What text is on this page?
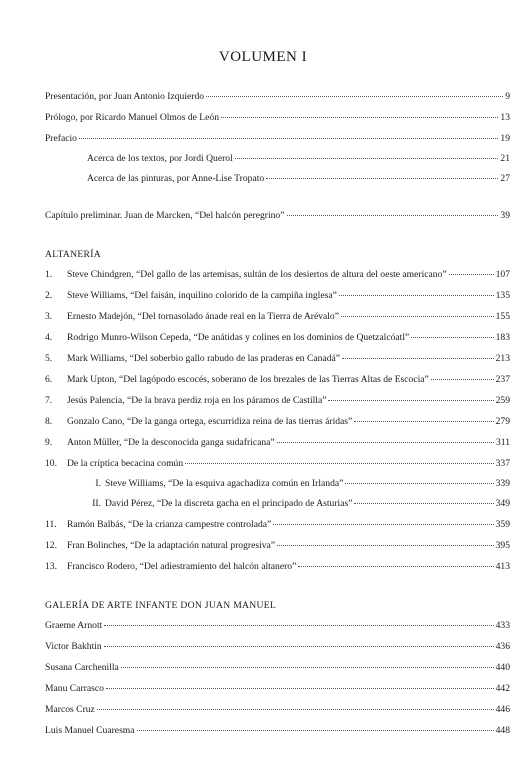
VOLUMEN I
Presentación, por Juan Antonio Izquierdo	9
Prólogo, por Ricardo Manuel Olmos de León	13
Prefacio	19
Acerca de los textos, por Jordi Querol	21
Acerca de las pinturas, por Anne-Lise Tropato	27
Capítulo preliminar. Juan de Marcken, “Del halcón peregrino”	39
ALTANERÍA
1.	Steve Chindgren, “Del gallo de las artemisas, sultán de los desiertos de altura del oeste americano”	107
2.	Steve Williams, “Del faisán, inquilino colorido de la campiña inglesa”	135
3.	Ernesto Madejón, “Del tornasolado ánade real en la Tierra de Arévalo”	155
4.	Rodrigo Munro-Wilson Cepeda, “De anátidas y colines en los dominios de Quetzalcóatl”	183
5.	Mark Williams, “Del soberbio gallo rabudo de las praderas en Canadá”	213
6.	Mark Upton, “Del lagópodo escocés, soberano de los brezales de las Tierras Altas de Escocia”	237
7.	Jesús Palencia, “De la brava perdiz roja en los páramos de Castilla”	259
8.	Gonzalo Cano, “De la ganga ortega, escurridiza reina de las tierras áridas”	279
9.	Anton Müller, “De la desconocida ganga sudafricana”	311
10.	De la críptica becacina común	337
I. Steve Williams, “De la esquiva agachadiza común en Irlanda”	339
II. David Pérez, “De la discreta gacha en el principado de Asturias”	349
11.	Ramón Balbás, “De la crianza campestre controlada”	359
12.	Fran Bolinches, “De la adaptación natural progresiva”	395
13.	Francisco Rodero, “Del adiestramiento del halcón altanero”	413
GALERÍA DE ARTE INFANTE DON JUAN MANUEL
Graeme Arnott	433
Victor Bakhtin	436
Susana Carchenilla	440
Manu Carrasco	442
Marcos Cruz	446
Luis Manuel Cuaresma	448
